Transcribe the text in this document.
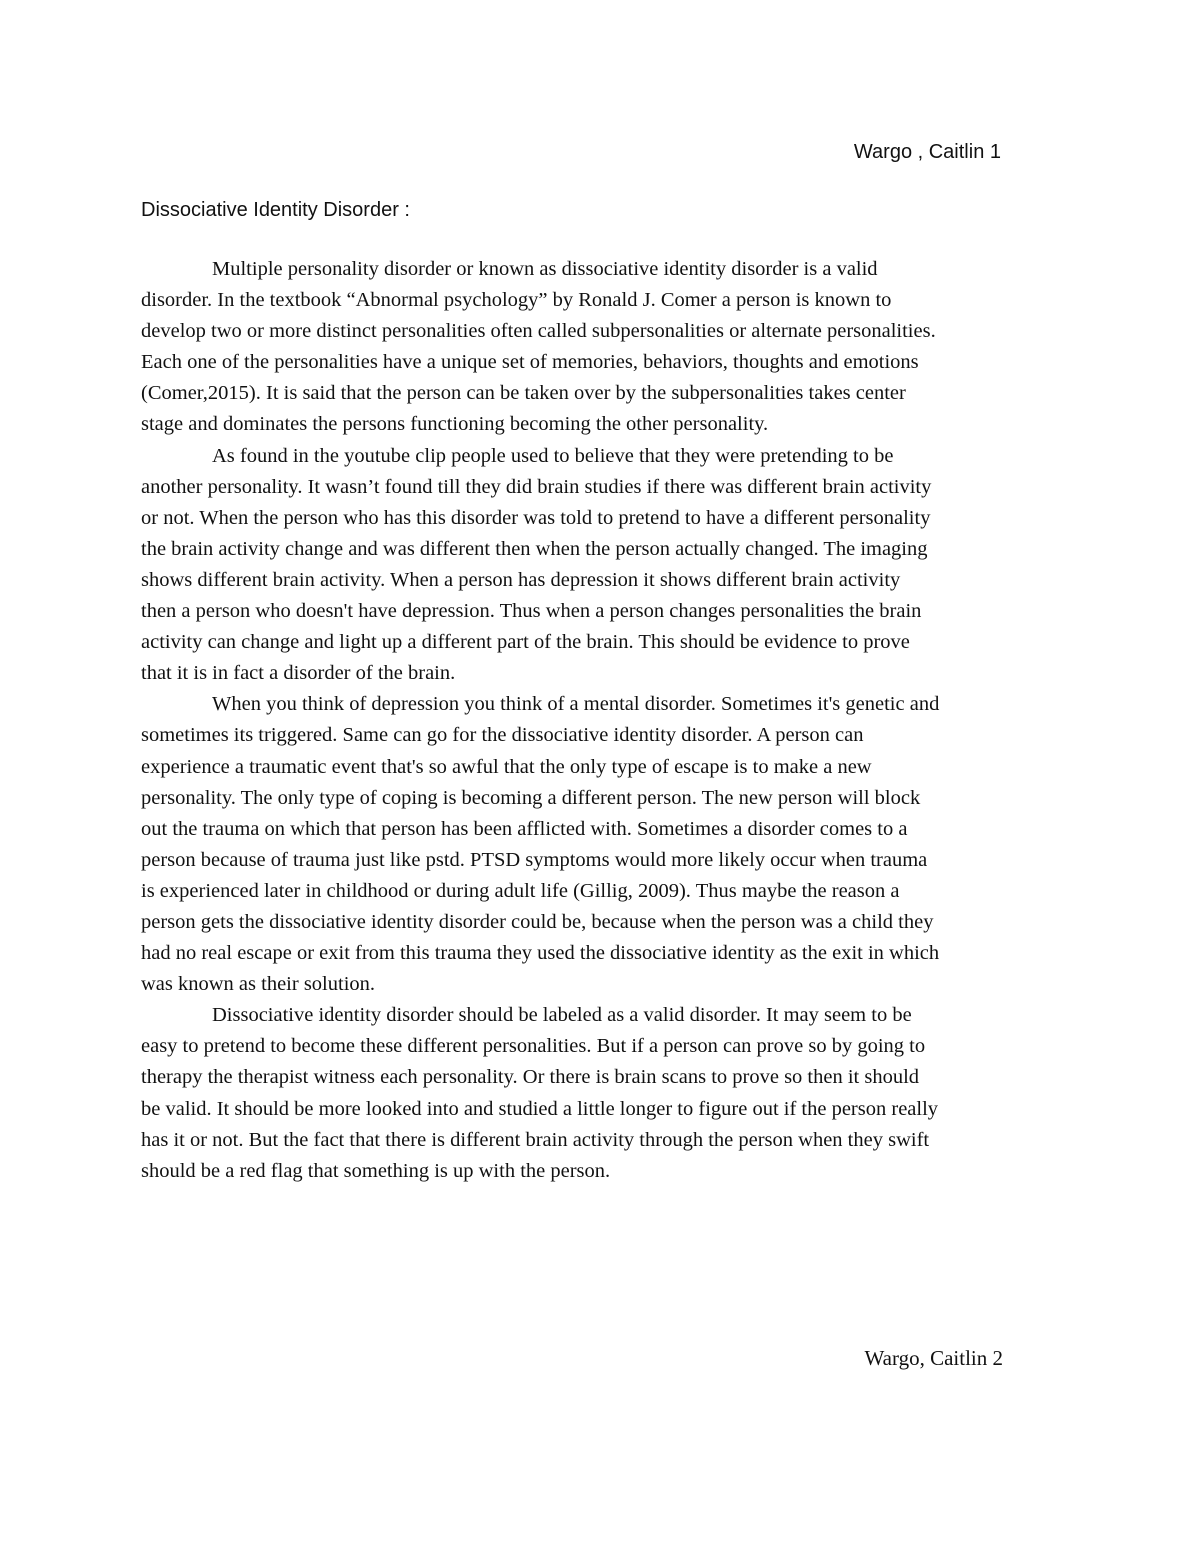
Wargo , Caitlin 1
Dissociative Identity Disorder :
Multiple personality disorder or known as dissociative identity disorder is a valid
disorder. In the textbook “Abnormal psychology” by Ronald J. Comer a person is known to
develop two or more distinct personalities often called subpersonalities or alternate personalities.
Each one of the personalities have a unique set of memories, behaviors, thoughts and emotions
(Comer,2015). It is said that the person can be taken over by the subpersonalities takes center
stage and dominates the persons functioning becoming the other personality.
As found in the youtube clip people used to believe that they were pretending to be
another personality. It wasn’t found till they did brain studies if there was different brain activity
or not. When the person who has this disorder was told to pretend to have a different personality
the brain activity change and was different then when the person actually changed. The imaging
shows different brain activity. When a person has depression it shows different brain activity
then a person who doesn't have depression. Thus when a person changes personalities the brain
activity can change and light up a different part of the brain. This should be evidence to prove
that it is in fact a disorder of the brain.
When you think of depression you think of a mental disorder. Sometimes it's genetic and
sometimes its triggered. Same can go for the dissociative identity disorder. A person can
experience a traumatic event that's so awful that the only type of escape is to make a new
personality. The only type of coping is becoming a different person. The new person will block
out the trauma on which that person has been afflicted with. Sometimes a disorder comes to a
person because of trauma just like pstd. PTSD symptoms would more likely occur when trauma
is experienced later in childhood or during adult life (Gillig, 2009). Thus maybe the reason a
person gets the dissociative identity disorder could be, because when the person was a child they
had no real escape or exit from this trauma they used the dissociative identity as the exit in which
was known as their solution.
Dissociative identity disorder should be labeled as a valid disorder. It may seem to be
easy to pretend to become these different personalities. But if a person can prove so by going to
therapy the therapist witness each personality. Or there is brain scans to prove so then it should
be valid. It should be more looked into and studied a little longer to figure out if the person really
has it or not. But the fact that there is different brain activity through the person when they swift
should be a red flag that something is up with the person.
Wargo, Caitlin 2
